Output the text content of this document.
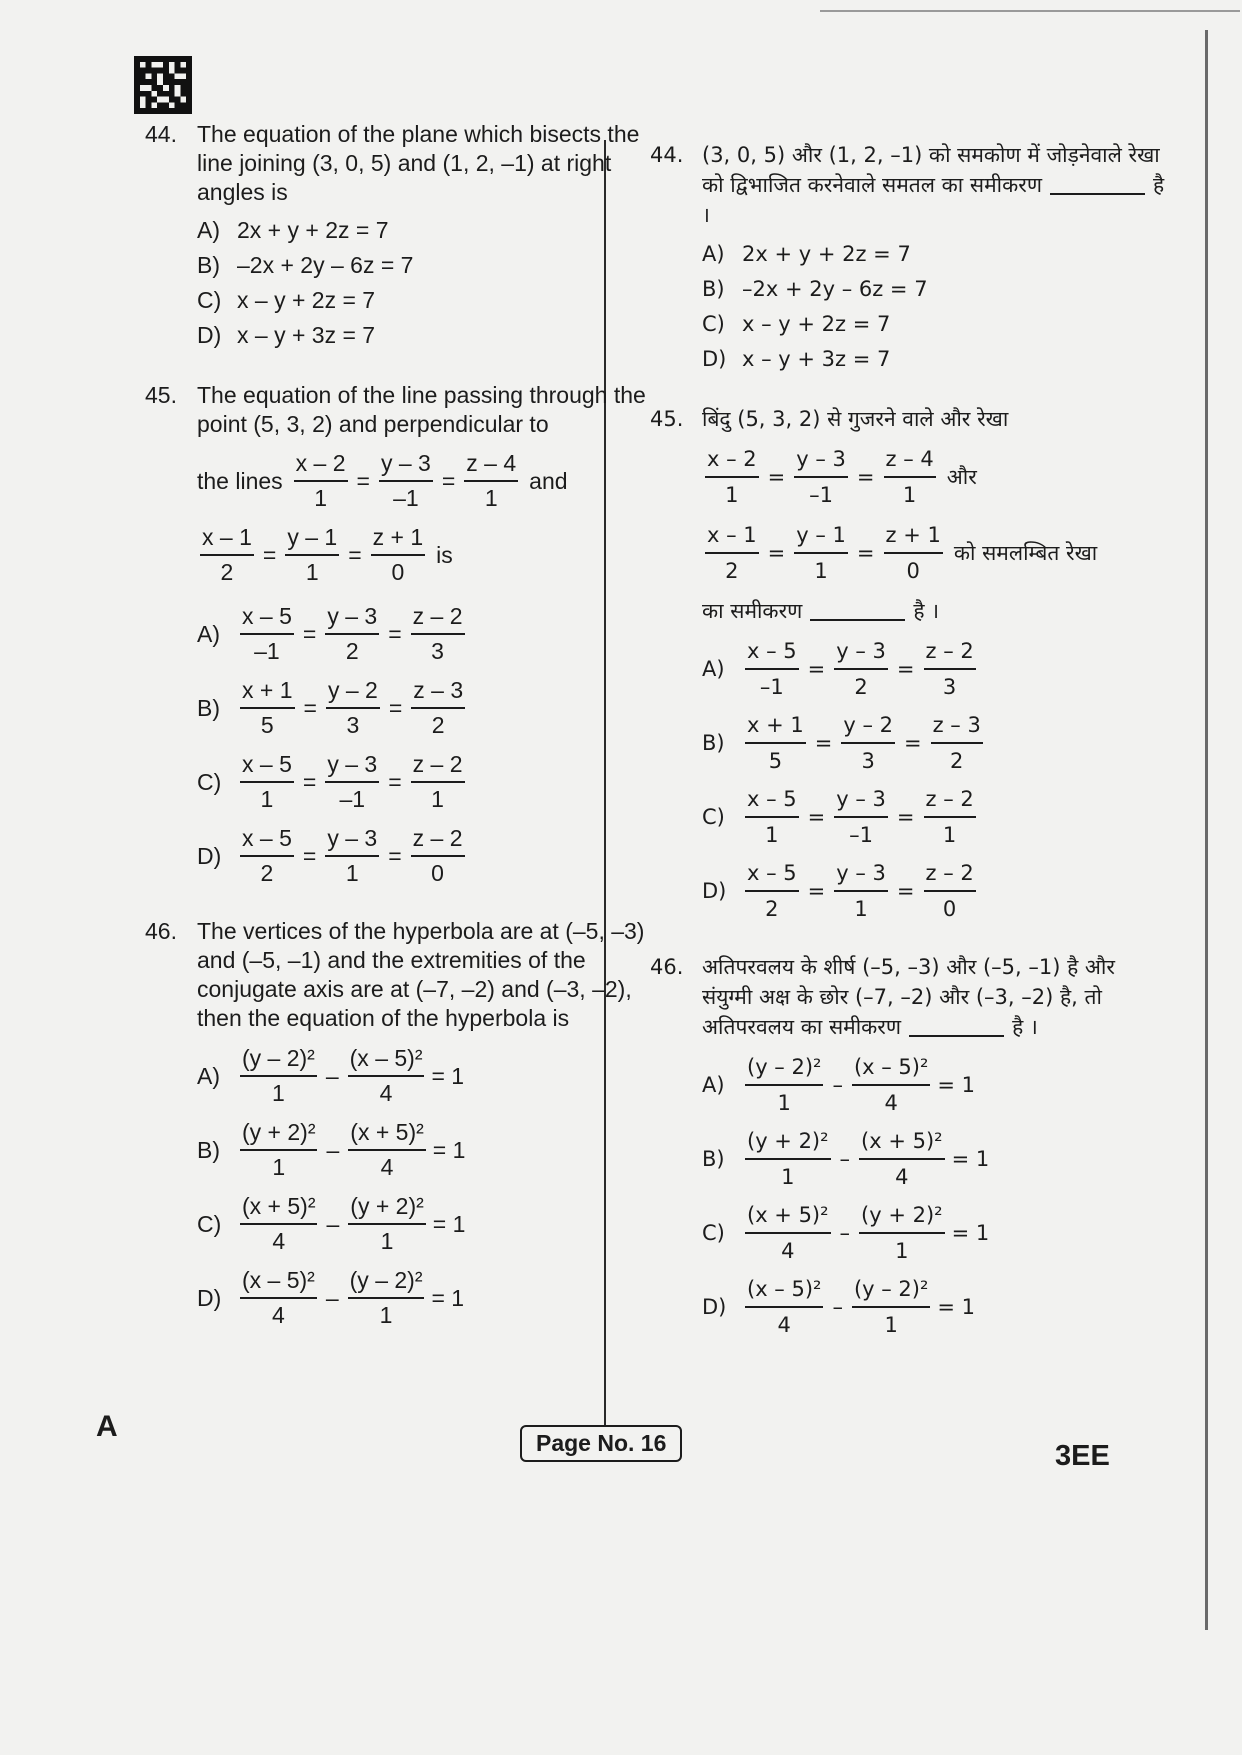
44. The equation of the plane which bisects the line joining (3, 0, 5) and (1, 2, –1) at right angles is
A) 2x + y + 2z = 7
B) –2x + 2y – 6z = 7
C) x – y + 2z = 7
D) x – y + 3z = 7
45. The equation of the line passing through the point (5, 3, 2) and perpendicular to
the lines $\frac{x - 2}{1} = \frac{y - 3}{-1} = \frac{z - 4}{1}$ and
$\frac{x - 1}{2} = \frac{y - 1}{1} = \frac{z + 1}{0}$ is
$A) \frac{x - 5}{-1} = \frac{y - 3}{2} = \frac{z - 2}{3}$
$B) \frac{x + 1}{5} = \frac{y - 2}{3} = \frac{z - 3}{2}$
$C) \frac{x - 5}{1} = \frac{y - 3}{-1} = \frac{z - 2}{1}$
$D) \frac{x - 5}{2} = \frac{y - 3}{1} = \frac{z - 2}{0}$
46. The vertices of the hyperbola are at (–5, –3) and (–5, –1) and the extremities of the conjugate axis are at (–7, –2) and (–3, –2), then the equation of the hyperbola is
$A) \frac{\text{(y – 2)²}}{1} - \frac{\text{(x – 5)²}}{4} = 1$
$B) \frac{\text{(y + 2)²}}{1} - \frac{\text{(x + 5)²}}{4} = 1$
$C) \frac{\text{(x + 5)²}}{4} - \frac{\text{(y + 2)²}}{1} = 1$
$D) \frac{\text{(x – 5)²}}{4} - \frac{\text{(y – 2)²}}{1} = 1$
44. (3, 0, 5) और (1, 2, –1) को समकोण में जोड़नेवाले रेखा को द्विभाजित करनेवाले समतल का समीकरण	है ।
A) 2x + y + 2z = 7
B) –2x + 2y – 6z = 7
C) x – y + 2z = 7
D) x – y + 3z = 7
45. बिंदु (5, 3, 2) से गुजरने वाले और रेखा
$\frac{x - 2}{1} = \frac{y - 3}{-1} = \frac{z - 4}{1}$ और
$\frac{x - 1}{2} = \frac{y - 1}{1} = \frac{z + 1}{0}$ को समलम्बित रेखा
का समीकरण	है ।
$A) \frac{x - 5}{-1} = \frac{y - 3}{2} = \frac{z - 2}{3}$
$B) \frac{x + 1}{5} = \frac{y - 2}{3} = \frac{z - 3}{2}$
$C) \frac{x - 5}{1} = \frac{y - 3}{-1} = \frac{z - 2}{1}$
$D) \frac{x - 5}{2} = \frac{y - 3}{1} = \frac{z - 2}{0}$
46. अतिपरवलय के शीर्ष (–5, –3) और (–5, –1) है और संयुग्मी अक्ष के छोर (–7, –2) और (–3, –2) है, तो अतिपरवलय का समीकरण	है ।
$A) \frac{\text{(y – 2)²}}{1} - \frac{\text{(x – 5)²}}{4} = 1$
$B) \frac{\text{(y + 2)²}}{1} - \frac{\text{(x + 5)²}}{4} = 1$
$C) \frac{\text{(x + 5)²}}{4} - \frac{\text{(y + 2)²}}{1} = 1$
$D) \frac{\text{(x – 5)²}}{4} - \frac{\text{(y – 2)²}}{1} = 1$
A	Page No. 16	3EE
